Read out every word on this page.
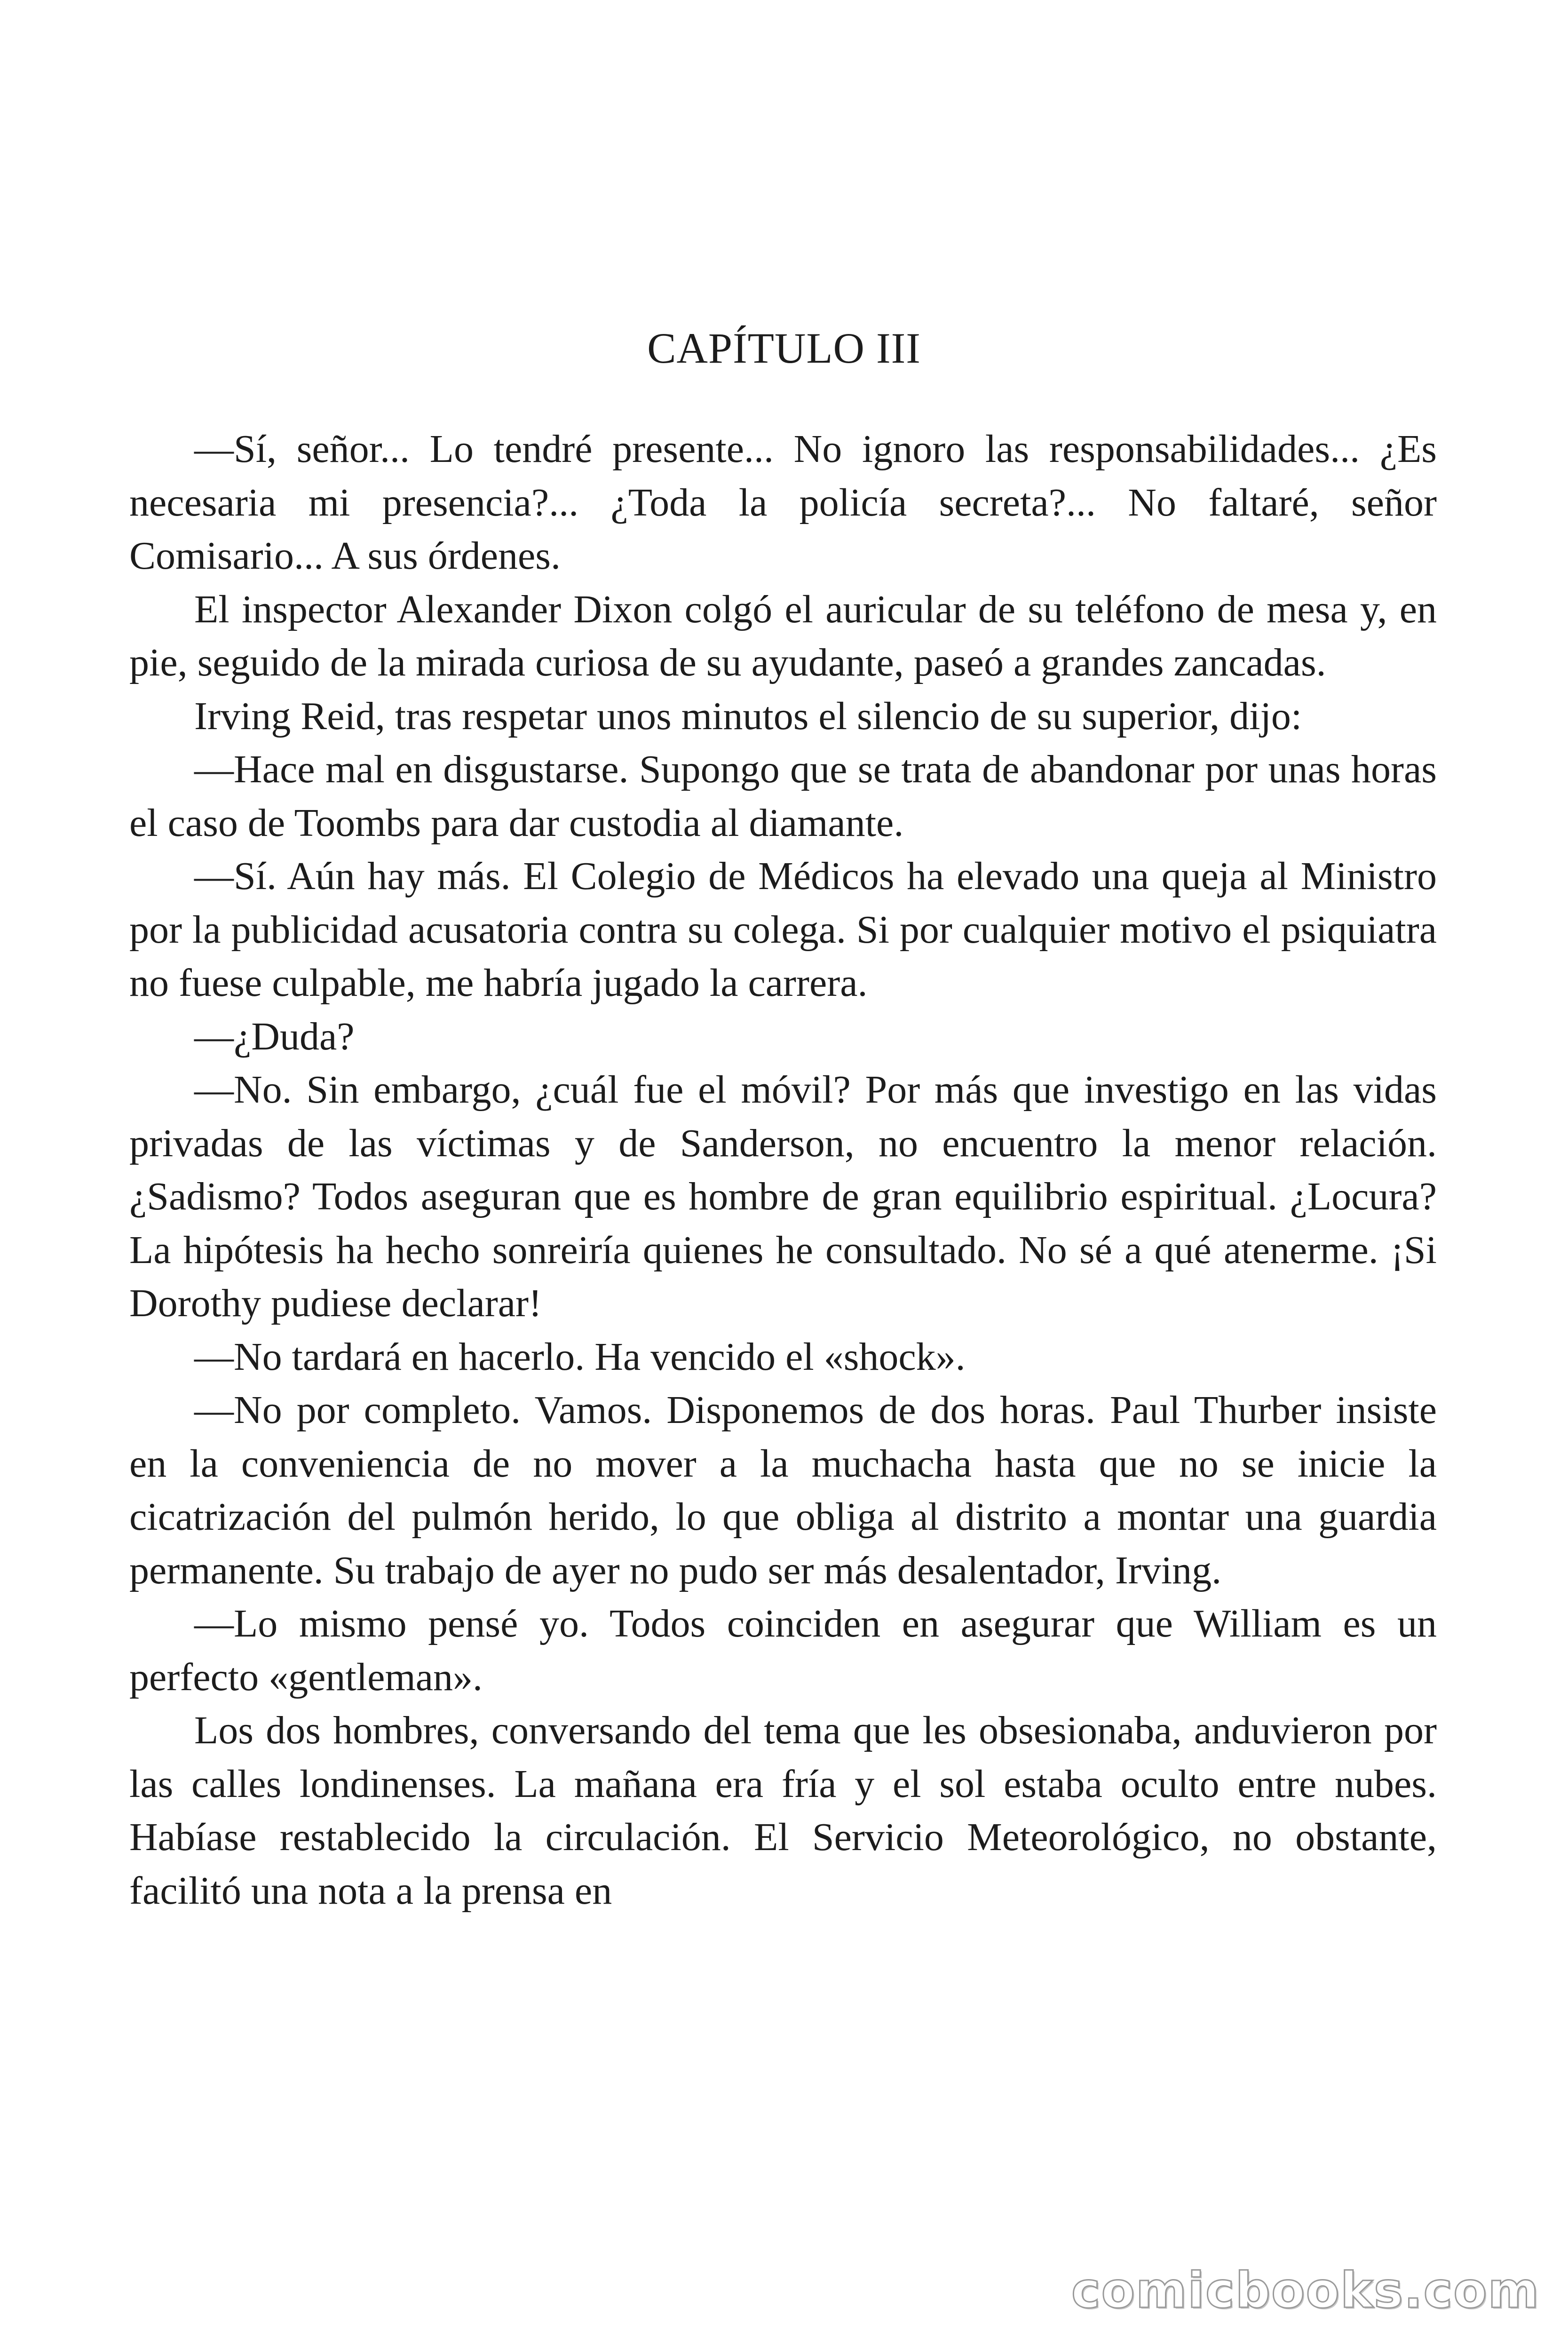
CAPÍTULO III

—Sí, señor... Lo tendré presente... No ignoro las responsabilidades... ¿Es necesaria mi presencia?... ¿Toda la policía secreta?... No faltaré, señor Comisario... A sus órdenes.

El inspector Alexander Dixon colgó el auricular de su teléfono de mesa y, en pie, seguido de la mirada curiosa de su ayudante, paseó a grandes zancadas.

Irving Reid, tras respetar unos minutos el silencio de su superior, dijo:

—Hace mal en disgustarse. Supongo que se trata de abandonar por unas horas el caso de Toombs para dar custodia al diamante.

—Sí. Aún hay más. El Colegio de Médicos ha elevado una queja al Ministro por la publicidad acusatoria contra su colega. Si por cualquier motivo el psiquiatra no fuese culpable, me habría jugado la carrera.

—¿Duda?

—No. Sin embargo, ¿cuál fue el móvil? Por más que investigo en las vidas privadas de las víctimas y de Sanderson, no encuentro la menor relación. ¿Sadismo? Todos aseguran que es hombre de gran equilibrio espiritual. ¿Locura? La hipótesis ha hecho sonreiría quienes he consultado. No sé a qué atenerme. ¡Si Dorothy pudiese declarar!

—No tardará en hacerlo. Ha vencido el «shock».

—No por completo. Vamos. Disponemos de dos horas. Paul Thurber insiste en la conveniencia de no mover a la muchacha hasta que no se inicie la cicatrización del pulmón herido, lo que obliga al distrito a montar una guardia permanente. Su trabajo de ayer no pudo ser más desalentador, Irving.

—Lo mismo pensé yo. Todos coinciden en asegurar que William es un perfecto «gentleman».

Los dos hombres, conversando del tema que les obsesionaba, anduvieron por las calles londinenses. La mañana era fría y el sol estaba oculto entre nubes. Habíase restablecido la circulación. El Servicio Meteorológico, no obstante, facilitó una nota a la prensa en

comicbooks.com
